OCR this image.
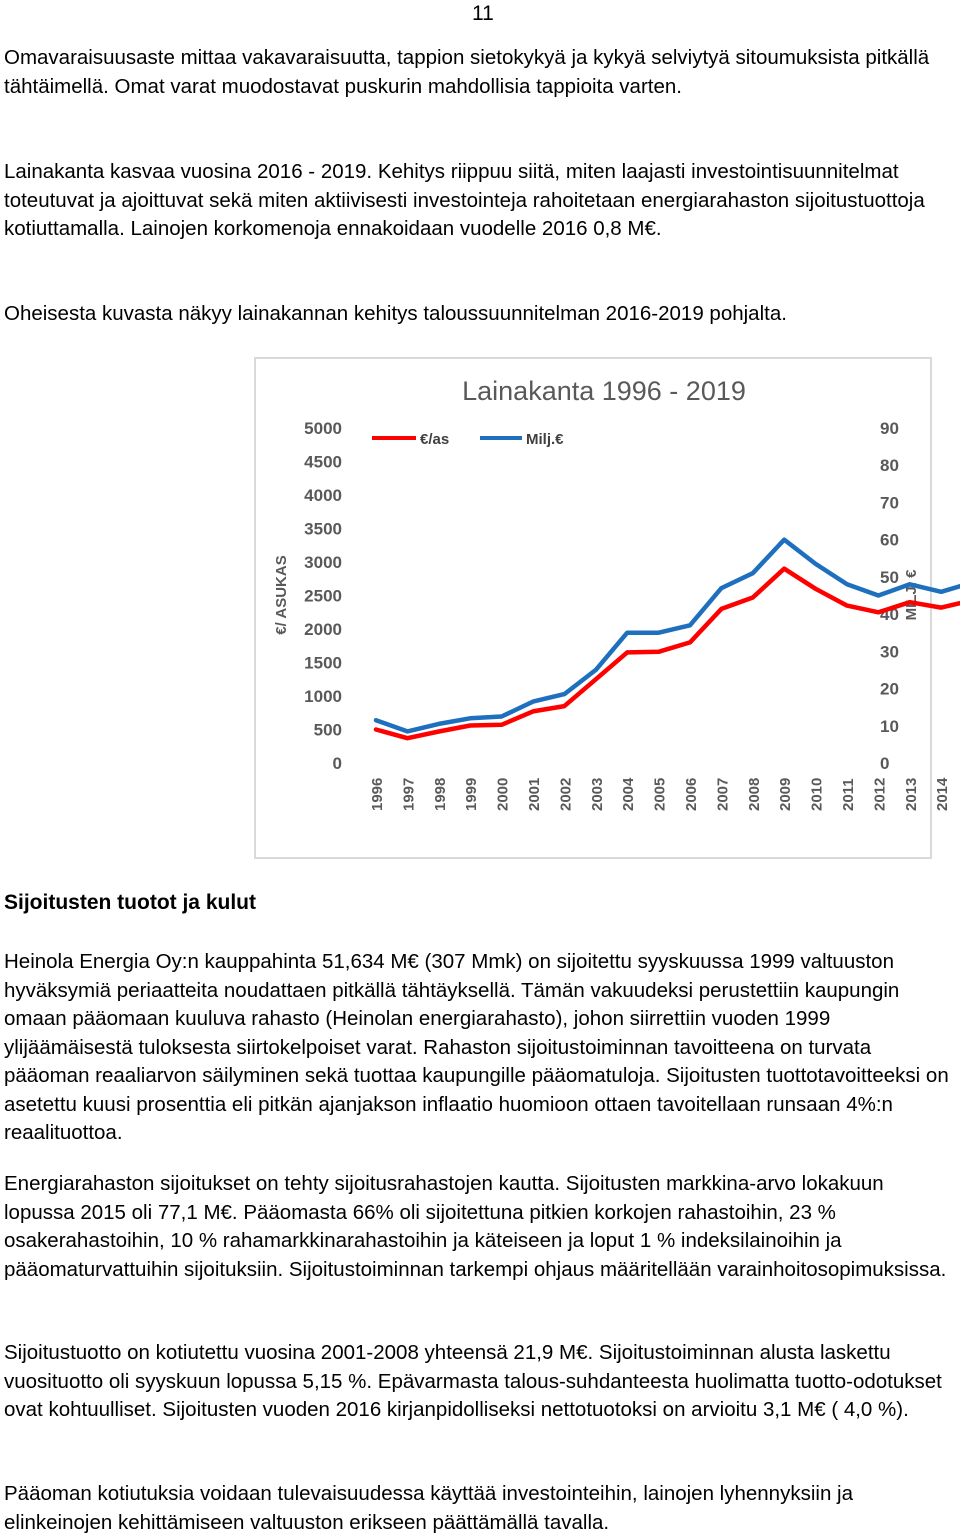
11

Omavaraisuusaste mittaa vakavaraisuutta, tappion sietokykyä ja kykyä selviytyä sitoumuksista pitkällä tähtäimellä. Omat varat muodostavat puskurin mahdollisia tappioita varten.

Lainakanta kasvaa vuosina 2016 - 2019. Kehitys riippuu siitä, miten laajasti investointisuunnitelmat toteutuvat ja ajoittuvat sekä miten aktiivisesti investointeja rahoitetaan energiarahaston sijoitustuottoja kotiuttamalla. Lainojen korkomenoja ennakoidaan vuodelle 2016 0,8 M€.

Oheisesta kuvasta näkyy lainakannan kehitys taloussuunnitelman 2016-2019 pohjalta.

Lainakanta 1996 - 2019
€/as	Milj.€
€/ ASUKAS	MILJ. €
0
500
1000
1500
2000
2500
3000
3500
4000
4500
5000
0
10
20
30
40
50
60
70
80
90
1996 1997 1998 1999 2000 2001 2002 2003 2004 2005 2006 2007 2008 2009 2010 2011 2012 2013 2014

Sijoitusten tuotot ja kulut

Heinola Energia Oy:n kauppahinta 51,634 M€ (307 Mmk) on sijoitettu syyskuussa 1999 valtuuston hyväksymiä periaatteita noudattaen pitkällä tähtäyksellä. Tämän vakuudeksi perustettiin kaupungin omaan pääomaan kuuluva rahasto (Heinolan energiarahasto), johon siirrettiin vuoden 1999 ylijäämäisestä tuloksesta siirtokelpoiset varat. Rahaston sijoitustoiminnan tavoitteena on turvata pääoman reaaliarvon säilyminen sekä tuottaa kaupungille pääomatuloja. Sijoitusten tuottotavoitteeksi on asetettu kuusi prosenttia eli pitkän ajanjakson inflaatio huomioon ottaen tavoitellaan runsaan 4%:n reaalituottoa.

Energiarahaston sijoitukset on tehty sijoitusrahastojen kautta. Sijoitusten markkina-arvo lokakuun lopussa 2015 oli 77,1 M€. Pääomasta 66% oli sijoitettuna pitkien korkojen rahastoihin, 23 % osakerahastoihin, 10 % rahamarkkinarahastoihin ja käteiseen ja loput 1 % indeksilainoihin ja pääomaturvattuihin sijoituksiin. Sijoitustoiminnan tarkempi ohjaus määritellään varainhoitosopimuksissa.

Sijoitustuotto on kotiutettu vuosina 2001-2008 yhteensä 21,9 M€. Sijoitustoiminnan alusta laskettu vuosituotto oli syyskuun lopussa 5,15 %. Epävarmasta talous-suhdanteesta huolimatta tuotto-odotukset ovat kohtuulliset. Sijoitusten vuoden 2016 kirjanpidolliseksi nettotuotoksi on arvioitu 3,1 M€ ( 4,0 %).

Pääoman kotiutuksia voidaan tulevaisuudessa käyttää investointeihin, lainojen lyhennyksiin ja elinkeinojen kehittämiseen valtuuston erikseen päättämällä tavalla.
